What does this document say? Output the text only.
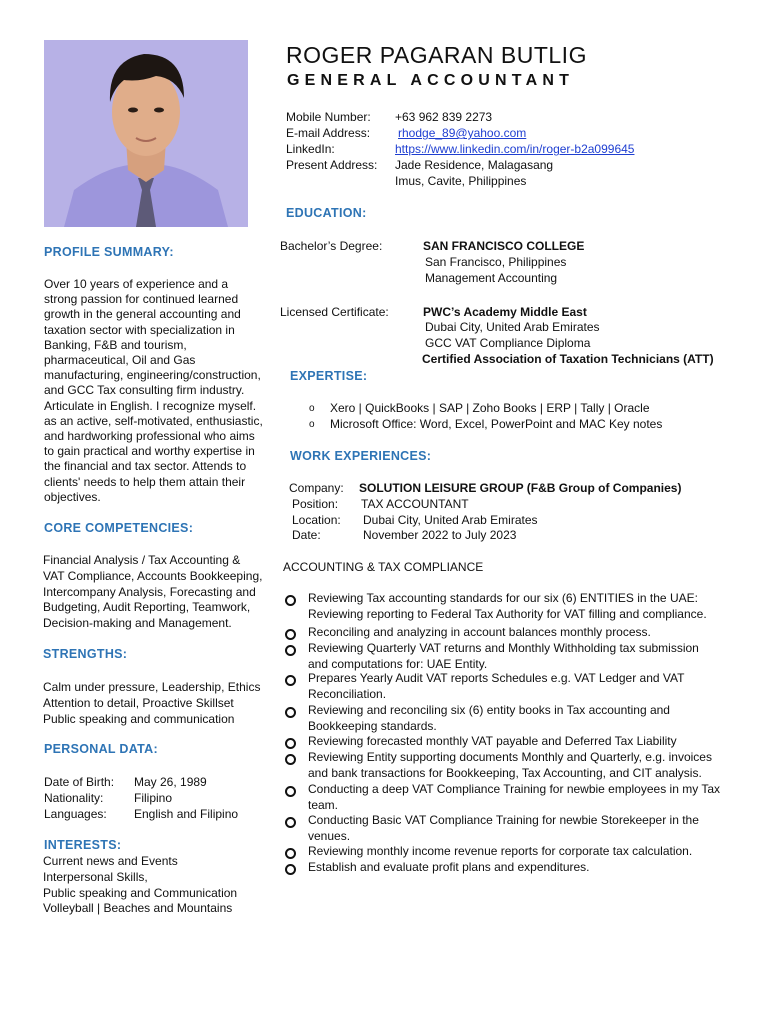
ROGER PAGARAN BUTLIG
GENERAL ACCOUNTANT
Mobile Number: +63 962 839 2273
E-mail Address: rhodge_89@yahoo.com
LinkedIn:	https://www.linkedin.com/in/roger-b2a099645
Present Address: Jade Residence, Malagasang
Imus, Cavite, Philippines
EDUCATION:
Bachelor’s Degree:	SAN FRANCISCO COLLEGE
San Francisco, Philippines
Management Accounting
Licensed Certificate:	PWC’s Academy Middle East
Dubai City, United Arab Emirates
GCC VAT Compliance Diploma
Certified Association of Taxation Technicians (ATT)
EXPERTISE:
o Xero | QuickBooks | SAP | Zoho Books | ERP | Tally | Oracle
o Microsoft Office: Word, Excel, PowerPoint and MAC Key notes
WORK EXPERIENCES:
Company: SOLUTION LEISURE GROUP (F&B Group of Companies)
Position: TAX ACCOUNTANT
Location: Dubai City, United Arab Emirates
Date:	November 2022 to July 2023
ACCOUNTING & TAX COMPLIANCE
Reviewing Tax accounting standards for our six (6) ENTITIES in the UAE:
Reviewing reporting to Federal Tax Authority for VAT filling and compliance.
Reconciling and analyzing in account balances monthly process.
Reviewing Quarterly VAT returns and Monthly Withholding tax submission
and computations for: UAE Entity.
Prepares Yearly Audit VAT reports Schedules e.g. VAT Ledger and VAT
Reconciliation.
Reviewing and reconciling six (6) entity books in Tax accounting and
Bookkeeping standards.
Reviewing forecasted monthly VAT payable and Deferred Tax Liability
Reviewing Entity supporting documents Monthly and Quarterly, e.g. invoices
and bank transactions for Bookkeeping, Tax Accounting, and CIT analysis.
Conducting a deep VAT Compliance Training for newbie employees in my Tax
team.
Conducting Basic VAT Compliance Training for newbie Storekeeper in the
venues.
Reviewing monthly income revenue reports for corporate tax calculation.
Establish and evaluate profit plans and expenditures.
PROFILE SUMMARY:
Over 10 years of experience and a
strong passion for continued learned
growth in the general accounting and
taxation sector with specialization in
Banking, F&B and tourism,
pharmaceutical, Oil and Gas
manufacturing, engineering/construction,
and GCC Tax consulting firm industry.
Articulate in English. I recognize myself.
as an active, self-motivated, enthusiastic,
and hardworking professional who aims
to gain practical and worthy expertise in
the financial and tax sector. Attends to
clients' needs to help them attain their
objectives.
CORE COMPETENCIES:
Financial Analysis / Tax Accounting &
VAT Compliance, Accounts Bookkeeping,
Intercompany Analysis, Forecasting and
Budgeting, Audit Reporting, Teamwork,
Decision-making and Management.
STRENGTHS:
Calm under pressure, Leadership, Ethics
Attention to detail, Proactive Skillset
Public speaking and communication
PERSONAL DATA:
Date of Birth: May 26, 1989
Nationality:	Filipino
Languages: English and Filipino
INTERESTS:
Current news and Events
Interpersonal Skills,
Public speaking and Communication
Volleyball | Beaches and Mountains
